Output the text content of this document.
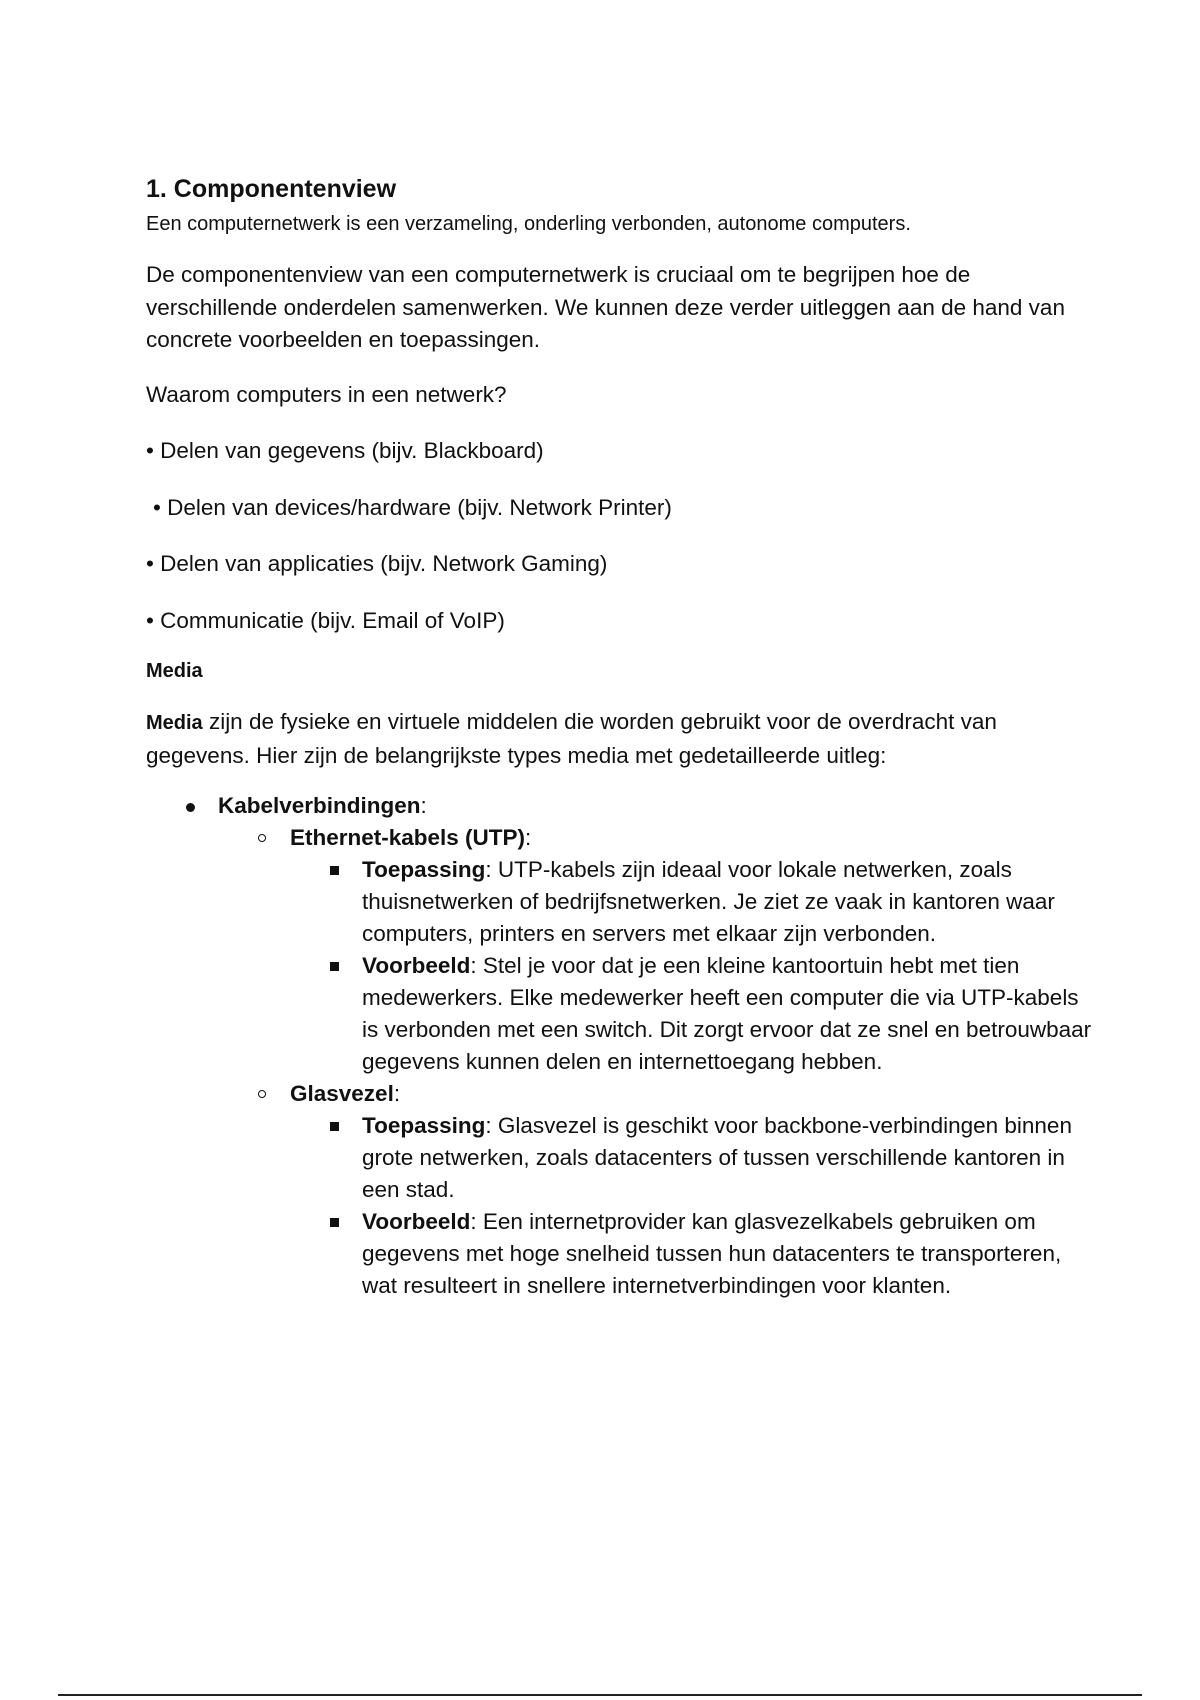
1. Componentenview

Een computernetwerk is een verzameling, onderling verbonden, autonome computers.

De componentenview van een computernetwerk is cruciaal om te begrijpen hoe de verschillende onderdelen samenwerken. We kunnen deze verder uitleggen aan de hand van concrete voorbeelden en toepassingen.

Waarom computers in een netwerk?

• Delen van gegevens (bijv. Blackboard)

• Delen van devices/hardware (bijv. Network Printer)

• Delen van applicaties (bijv. Network Gaming)

• Communicatie (bijv. Email of VoIP)

Media

Media zijn de fysieke en virtuele middelen die worden gebruikt voor de overdracht van gegevens. Hier zijn de belangrijkste types media met gedetailleerde uitleg:

Kabelverbindingen:
Ethernet-kabels (UTP):
Toepassing: UTP-kabels zijn ideaal voor lokale netwerken, zoals thuisnetwerken of bedrijfsnetwerken. Je ziet ze vaak in kantoren waar computers, printers en servers met elkaar zijn verbonden.
Voorbeeld: Stel je voor dat je een kleine kantoortuin hebt met tien medewerkers. Elke medewerker heeft een computer die via UTP-kabels is verbonden met een switch. Dit zorgt ervoor dat ze snel en betrouwbaar gegevens kunnen delen en internettoegang hebben.
Glasvezel:
Toepassing: Glasvezel is geschikt voor backbone-verbindingen binnen grote netwerken, zoals datacenters of tussen verschillende kantoren in een stad.
Voorbeeld: Een internetprovider kan glasvezelkabels gebruiken om gegevens met hoge snelheid tussen hun datacenters te transporteren, wat resulteert in snellere internetverbindingen voor klanten.
